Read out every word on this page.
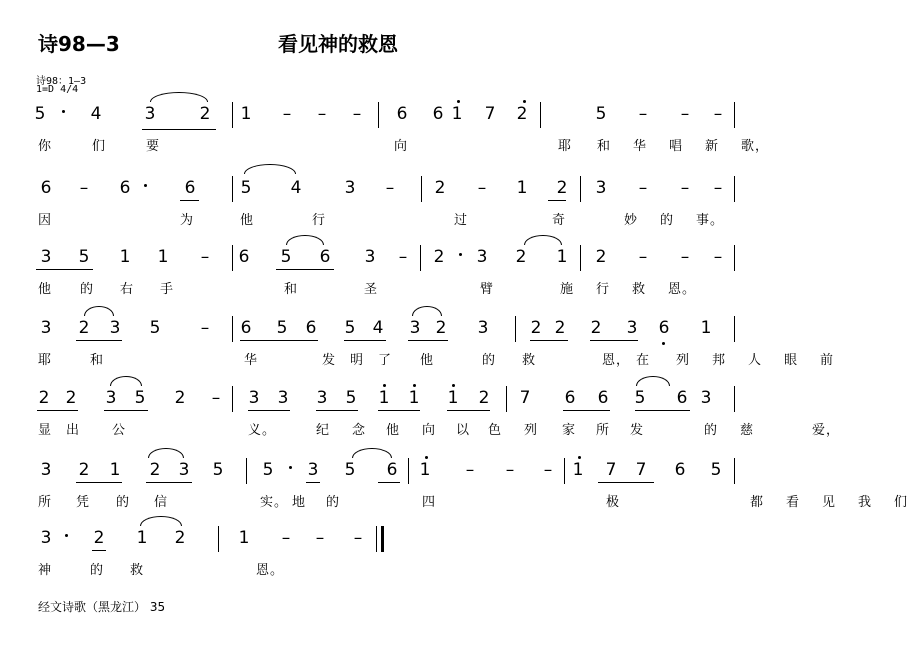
诗98—3	看见神的救恩
诗98：1—3
1=D 4/4
5	4	3	2 1 – – – 6 6 1 7 2	5 – – –
你	们	要	向	耶 和 华 唱 新 歌，
6 – 6	6	5 4	3 – 2 – 1 2 3 – – –
因	为	他	行	过	奇	妙 的 事。
3 5 1 1 – 6 5 6 3 – 2 3 2 1 2 – – –
他 的 右 手	和	圣	臂	施 行 救 恩。
3 2 3 5 – 6 5 6 5 4 3 2 3 2 2 2 3 6 1
耶	和	华	发 明 了 他	的 救	恩， 在 列 邦 人 眼 前
2 2 3 5 2 – 3 3 3 5 1 1 1 2 7 6 6 5 6 3
显 出 公	义。	纪 念 他 向 以 色 列 家 所 发	的 慈	爱，
3 2 1 2 3 5 5 3 5 6 1 – – – 1 7 7 6 5
所 凭 的 信	实。 地 的	四	极	都 看 见 我 们
3 2 1 2	1 – – –
神	的 救	恩。
经文诗歌（黑龙江） 35
